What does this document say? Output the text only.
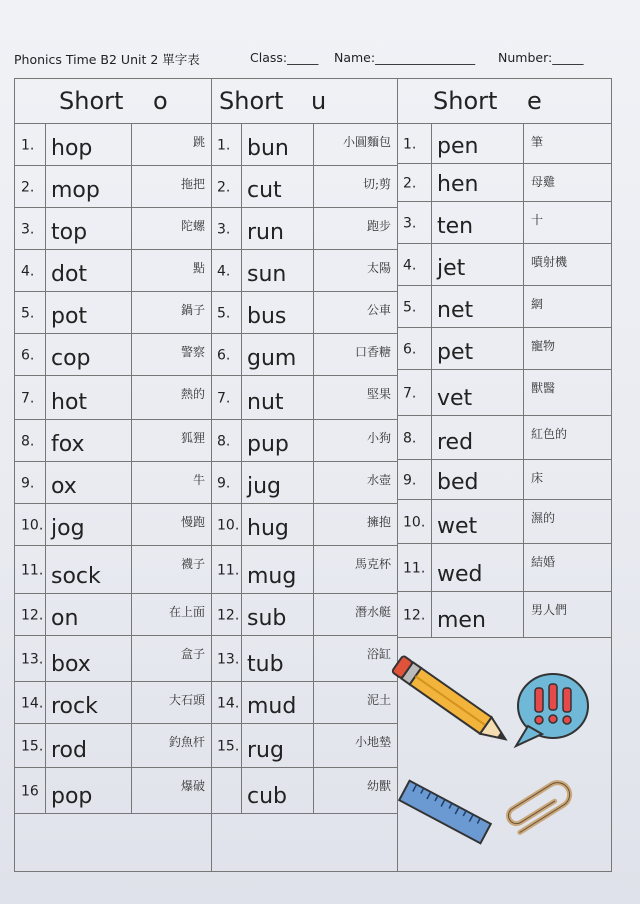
Phonics Time B2 Unit 2 單字表	Class:_____ Name:________________ Number:_____
Short o
1. hop	跳
2. mop	拖把
3. top	陀螺
4. dot	點
5. pot	鍋子
6. cop	警察
7. hot	熱的
8. fox	狐狸
9. ox	牛
10. jog	慢跑
11. sock	襪子
12. on	在上面
13. box	盒子
14. rock	大石頭
15. rod	釣魚杆
16 pop	爆破
Short u
1. bun	小圓麵包
2. cut	切;剪
3. run	跑步
4. sun	太陽
5. bus	公車
6. gum	口香糖
7. nut	堅果
8. pup	小狗
9. jug	水壺
10. hug	擁抱
11. mug	馬克杯
12. sub	潛水艇
13. tub	浴缸
14. mud	泥土
15. rug	小地墊
cub	幼獸
Short e
1. pen	筆
2. hen	母雞
3. ten	十
4. jet	噴射機
5. net	網
6. pet	寵物
7. vet	獸醫
8. red	紅色的
9. bed	床
10. wet	濕的
11. wed	結婚
12. men	男人們
